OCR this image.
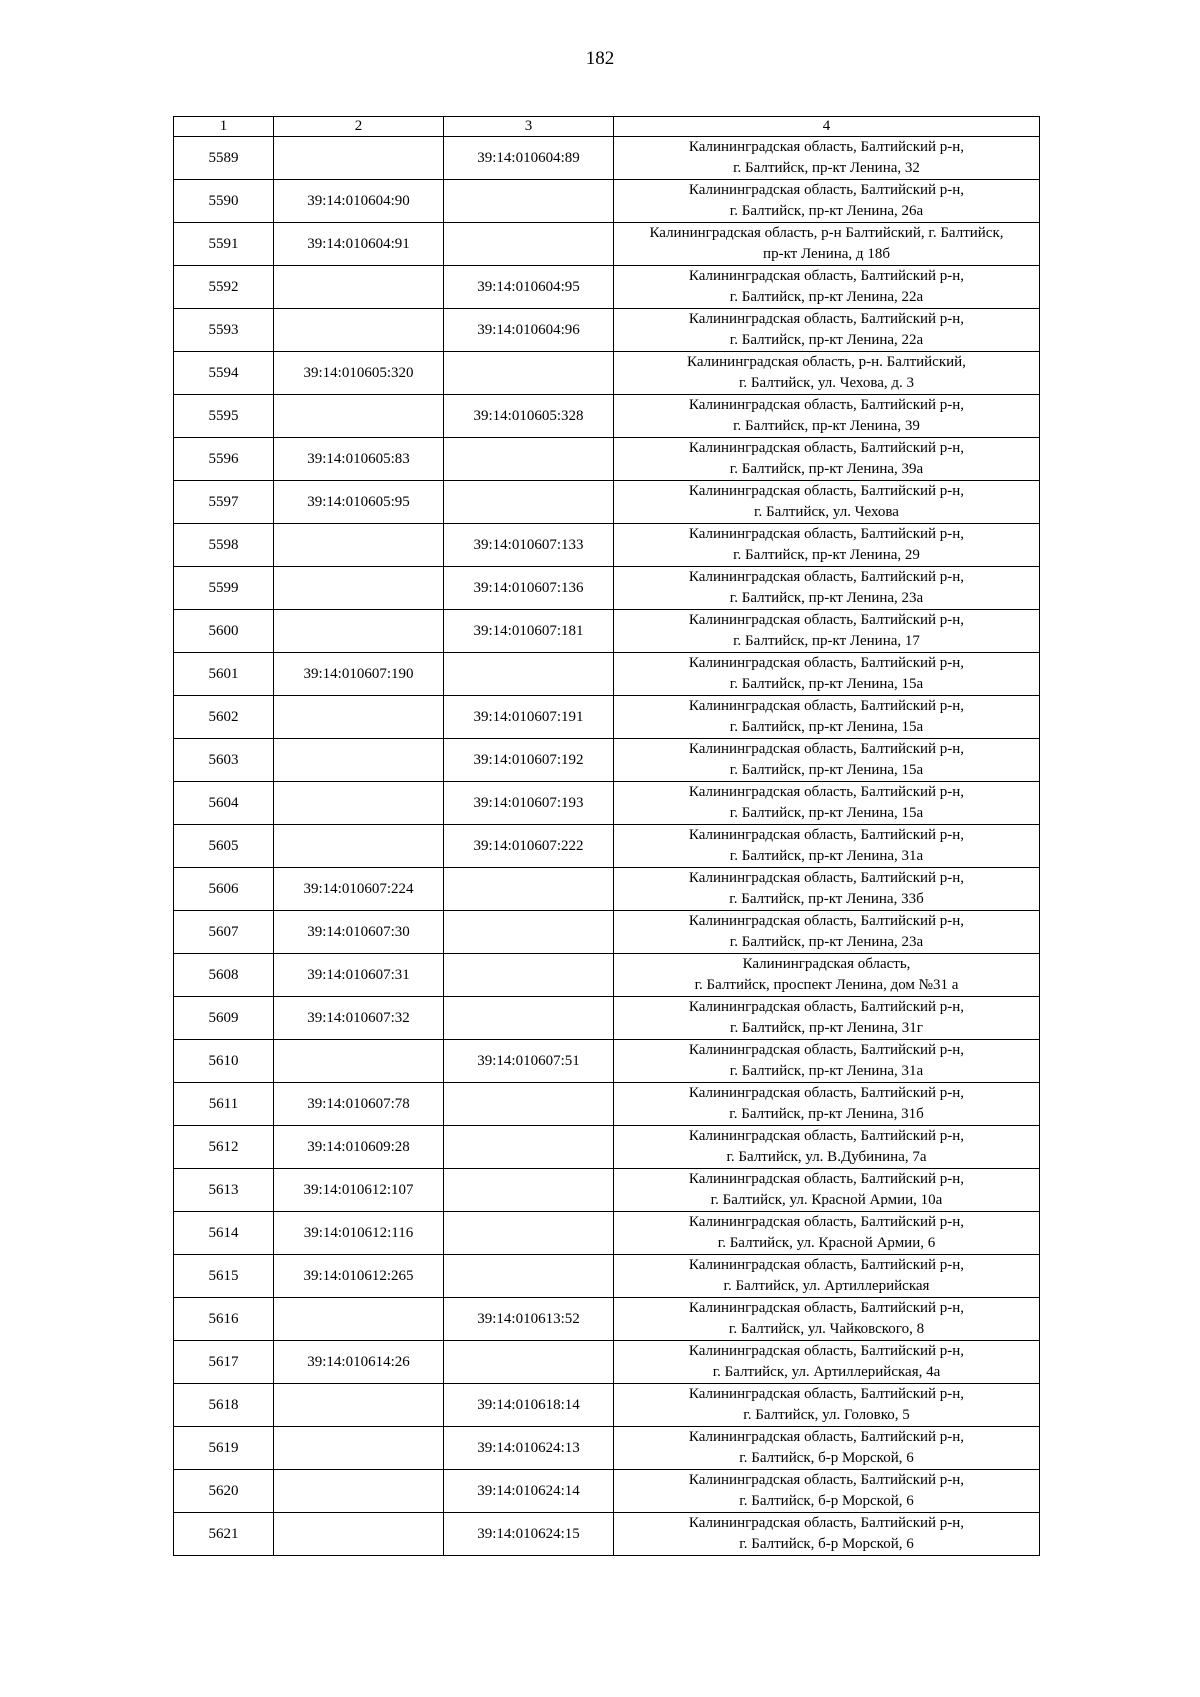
182
1	2	3	4
5589		39:14:010604:89	Калининградская область, Балтийский р-н,
г. Балтийск, пр-кт Ленина, 32

5590	39:14:010604:90		Калининградская область, Балтийский р-н,
г. Балтийск, пр-кт Ленина, 26а

5591	39:14:010604:91		Калининградская область, р-н Балтийский, г. Балтийск,
пр-кт Ленина, д 18б

5592		39:14:010604:95	Калининградская область, Балтийский р-н,
г. Балтийск, пр-кт Ленина, 22а

5593		39:14:010604:96	Калининградская область, Балтийский р-н,
г. Балтийск, пр-кт Ленина, 22а

5594	39:14:010605:320		Калининградская область, р-н. Балтийский,
г. Балтийск, ул. Чехова, д. 3

5595		39:14:010605:328	Калининградская область, Балтийский р-н,
г. Балтийск, пр-кт Ленина, 39

5596	39:14:010605:83		Калининградская область, Балтийский р-н,
г. Балтийск, пр-кт Ленина, 39а

5597	39:14:010605:95		Калининградская область, Балтийский р-н,
г. Балтийск, ул. Чехова

5598		39:14:010607:133	Калининградская область, Балтийский р-н,
г. Балтийск, пр-кт Ленина, 29

5599		39:14:010607:136	Калининградская область, Балтийский р-н,
г. Балтийск, пр-кт Ленина, 23а

5600		39:14:010607:181	Калининградская область, Балтийский р-н,
г. Балтийск, пр-кт Ленина, 17

5601	39:14:010607:190		Калининградская область, Балтийский р-н,
г. Балтийск, пр-кт Ленина, 15а

5602		39:14:010607:191	Калининградская область, Балтийский р-н,
г. Балтийск, пр-кт Ленина, 15а

5603		39:14:010607:192	Калининградская область, Балтийский р-н,
г. Балтийск, пр-кт Ленина, 15а

5604		39:14:010607:193	Калининградская область, Балтийский р-н,
г. Балтийск, пр-кт Ленина, 15а

5605		39:14:010607:222	Калининградская область, Балтийский р-н,
г. Балтийск, пр-кт Ленина, 31а

5606	39:14:010607:224		Калининградская область, Балтийский р-н,
г. Балтийск, пр-кт Ленина, 33б

5607	39:14:010607:30		Калининградская область, Балтийский р-н,
г. Балтийск, пр-кт Ленина, 23а

5608	39:14:010607:31		Калининградская область,
г. Балтийск, проспект Ленина, дом №31 а

5609	39:14:010607:32		Калининградская область, Балтийский р-н,
г. Балтийск, пр-кт Ленина, 31г

5610		39:14:010607:51	Калининградская область, Балтийский р-н,
г. Балтийск, пр-кт Ленина, 31а

5611	39:14:010607:78		Калининградская область, Балтийский р-н,
г. Балтийск, пр-кт Ленина, 31б

5612	39:14:010609:28		Калининградская область, Балтийский р-н,
г. Балтийск, ул. В.Дубинина, 7а

5613	39:14:010612:107		Калининградская область, Балтийский р-н,
г. Балтийск, ул. Красной Армии, 10а

5614	39:14:010612:116		Калининградская область, Балтийский р-н,
г. Балтийск, ул. Красной Армии, 6

5615	39:14:010612:265		Калининградская область, Балтийский р-н,
г. Балтийск, ул. Артиллерийская

5616		39:14:010613:52	Калининградская область, Балтийский р-н,
г. Балтийск, ул. Чайковского, 8

5617	39:14:010614:26		Калининградская область, Балтийский р-н,
г. Балтийск, ул. Артиллерийская, 4а

5618		39:14:010618:14	Калининградская область, Балтийский р-н,
г. Балтийск, ул. Головко, 5

5619		39:14:010624:13	Калининградская область, Балтийский р-н,
г. Балтийск, б-р Морской, 6

5620		39:14:010624:14	Калининградская область, Балтийский р-н,
г. Балтийск, б-р Морской, 6

5621		39:14:010624:15	Калининградская область, Балтийский р-н,
г. Балтийск, б-р Морской, 6
